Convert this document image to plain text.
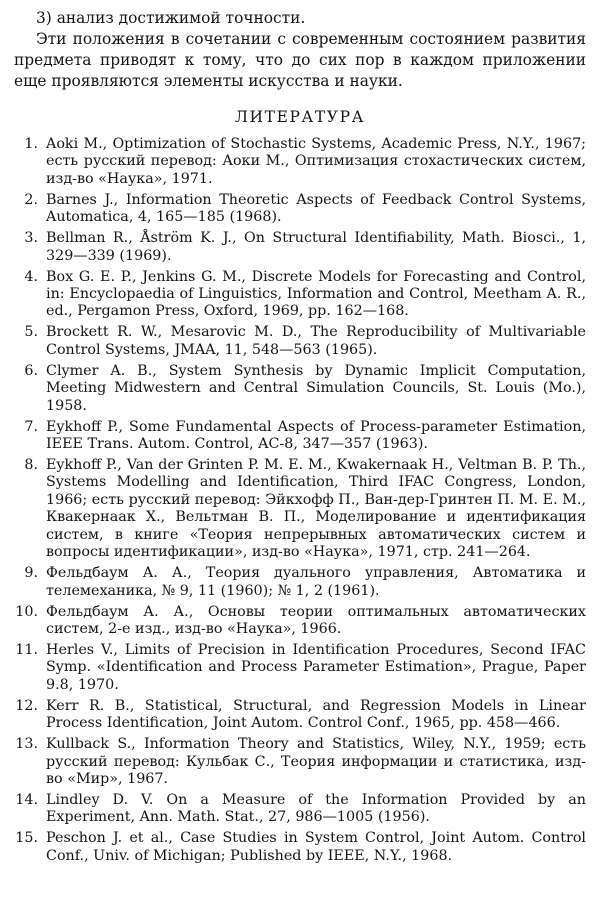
3) анализ достижимой точности.

Эти положения в сочетании с современным состоянием развития предмета приводят к тому, что до сих пор в каждом приложении еще проявляются элементы искусства и науки.

ЛИТЕРАТУРА
1. Aoki M., Optimization of Stochastic Systems, Academic Press, N.Y., 1967; есть русский перевод: Аоки М., Оптимизация стохастических систем, изд-во «Наука», 1971.
2. Barnes J., Information Theoretic Aspects of Feedback Control Systems, Automatica, 4, 165—185 (1968).
3. Bellman R., Åström K. J., On Structural Identifiability, Math. Biosci., 1, 329—339 (1969).
4. Box G. E. P., Jenkins G. M., Discrete Models for Forecasting and Control, in: Encyclopaedia of Linguistics, Information and Control, Meetham A. R., ed., Pergamon Press, Oxford, 1969, pp. 162—168.
5. Brockett R. W., Mesarovic M. D., The Reproducibility of Multivariable Control Systems, JMAA, 11, 548—563 (1965).
6. Clymer A. B., System Synthesis by Dynamic Implicit Computation, Meeting Midwestern and Central Simulation Councils, St. Louis (Mo.), 1958.
7. Eykhoff P., Some Fundamental Aspects of Process-parameter Estimation, IEEE Trans. Autom. Control, AC-8, 347—357 (1963).
8. Eykhoff P., Van der Grinten P. M. E. M., Kwakernaak H., Veltman B. P. Th., Systems Modelling and Identification, Third IFAC Congress, London, 1966; есть русский перевод: Эйкхофф П., Ван-дер-Гринтен П. М. Е. М., Квакернаак Х., Вельтман В. П., Моделирование и идентификация систем, в книге «Теория непрерывных автоматических систем и вопросы идентификации», изд-во «Наука», 1971, стр. 241—264.
9. Фельдбаум А. А., Теория дуального управления, Автоматика и телемеханика, № 9, 11 (1960); № 1, 2 (1961).
10. Фельдбаум А. А., Основы теории оптимальных автоматических систем, 2-е изд., изд-во «Наука», 1966.
11. Herles V., Limits of Precision in Identification Procedures, Second IFAC Symp. «Identification and Process Parameter Estimation», Prague, Paper 9.8, 1970.
12. Kerr R. B., Statistical, Structural, and Regression Models in Linear Process Identification, Joint Autom. Control Conf., 1965, pp. 458—466.
13. Kullback S., Information Theory and Statistics, Wiley, N.Y., 1959; есть русский перевод: Кульбак С., Теория информации и статистика, изд-во «Мир», 1967.
14. Lindley D. V. On a Measure of the Information Provided by an Experiment, Ann. Math. Stat., 27, 986—1005 (1956).
15. Peschon J. et al., Case Studies in System Control, Joint Autom. Control Conf., Univ. of Michigan; Published by IEEE, N.Y., 1968.
